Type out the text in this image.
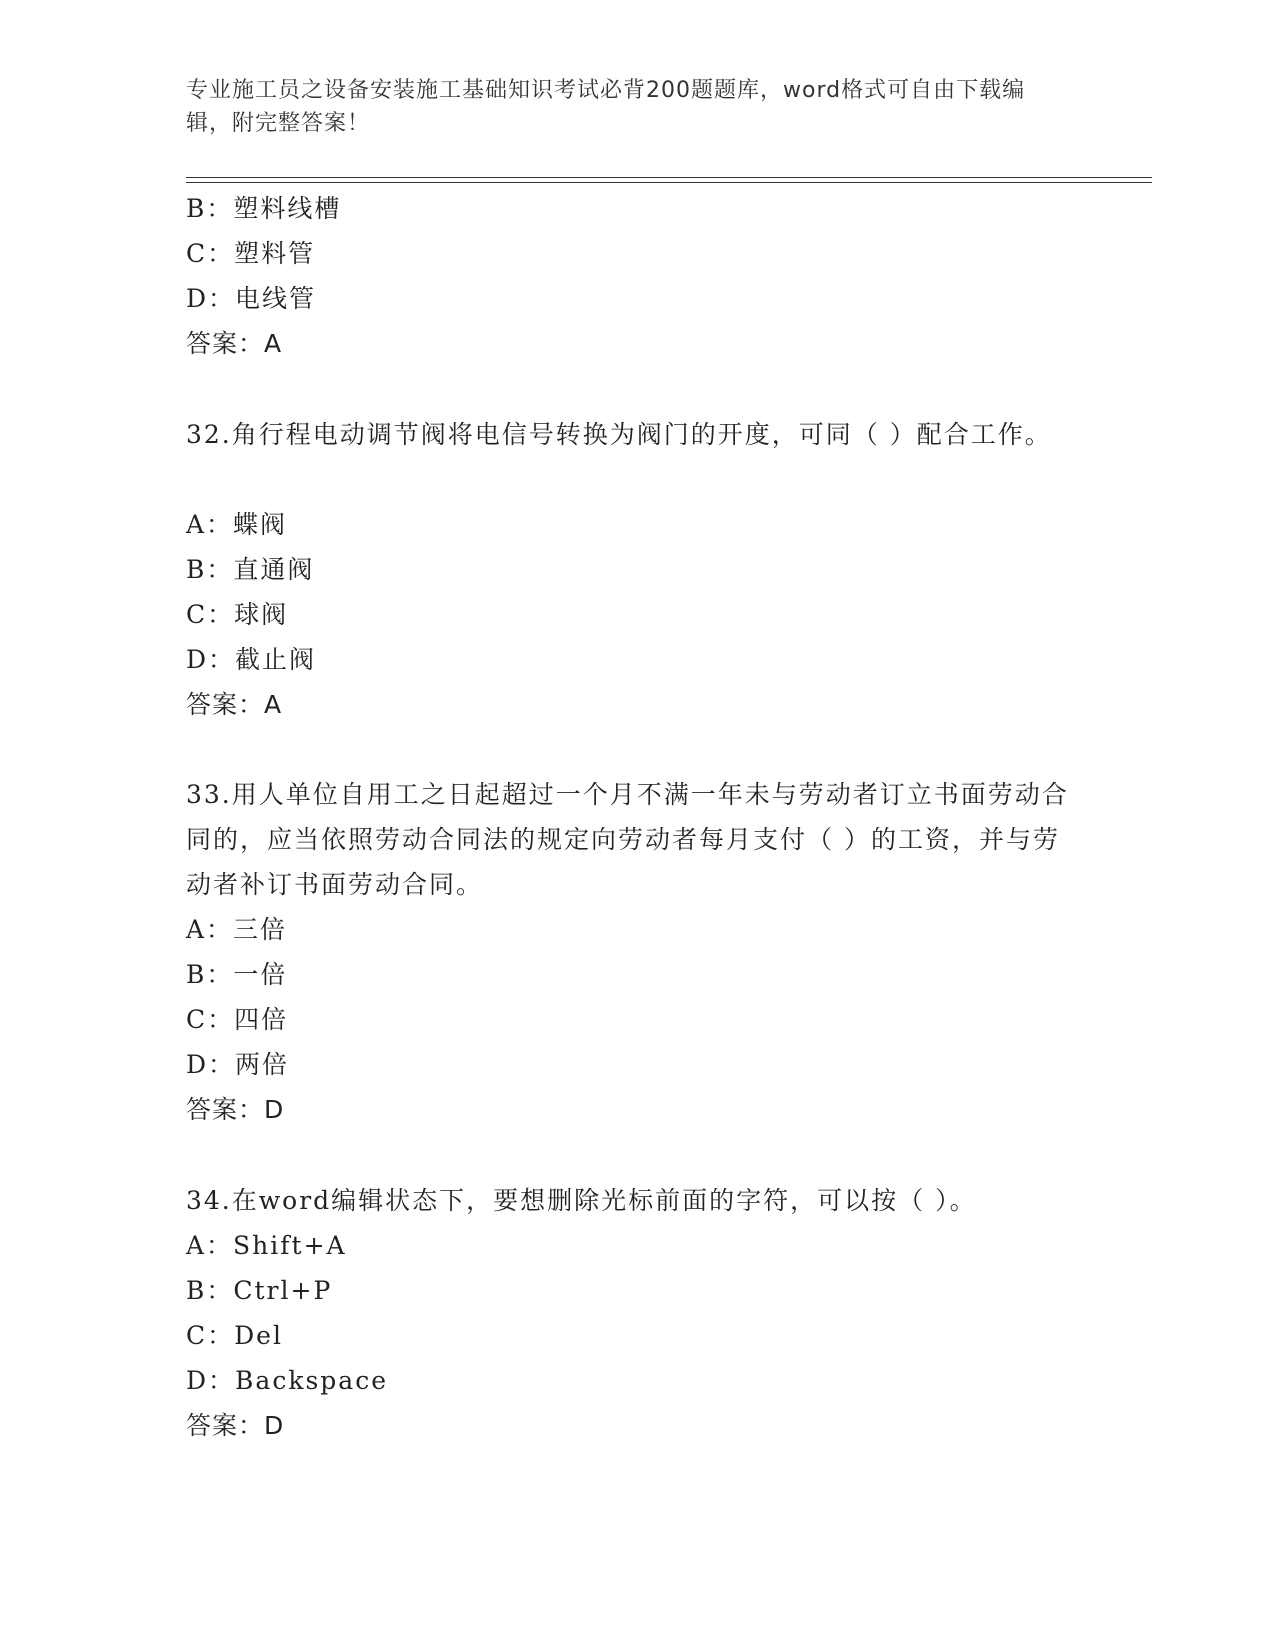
专业施工员之设备安装施工基础知识考试必背200题题库，word格式可自由下载编辑，附完整答案！
B：塑料线槽
C：塑料管
D：电线管
答案：A
32.角行程电动调节阀将电信号转换为阀门的开度，可同（ ）配合工作。
A：蝶阀
B：直通阀
C：球阀
D：截止阀
答案：A
33.用人单位自用工之日起超过一个月不满一年未与劳动者订立书面劳动合同的，应当依照劳动合同法的规定向劳动者每月支付（ ）的工资，并与劳动者补订书面劳动合同。
A：三倍
B：一倍
C：四倍
D：两倍
答案：D
34.在word编辑状态下，要想删除光标前面的字符，可以按（ ）。
A：Shift+A
B：Ctrl+P
C：Del
D：Backspace
答案：D
